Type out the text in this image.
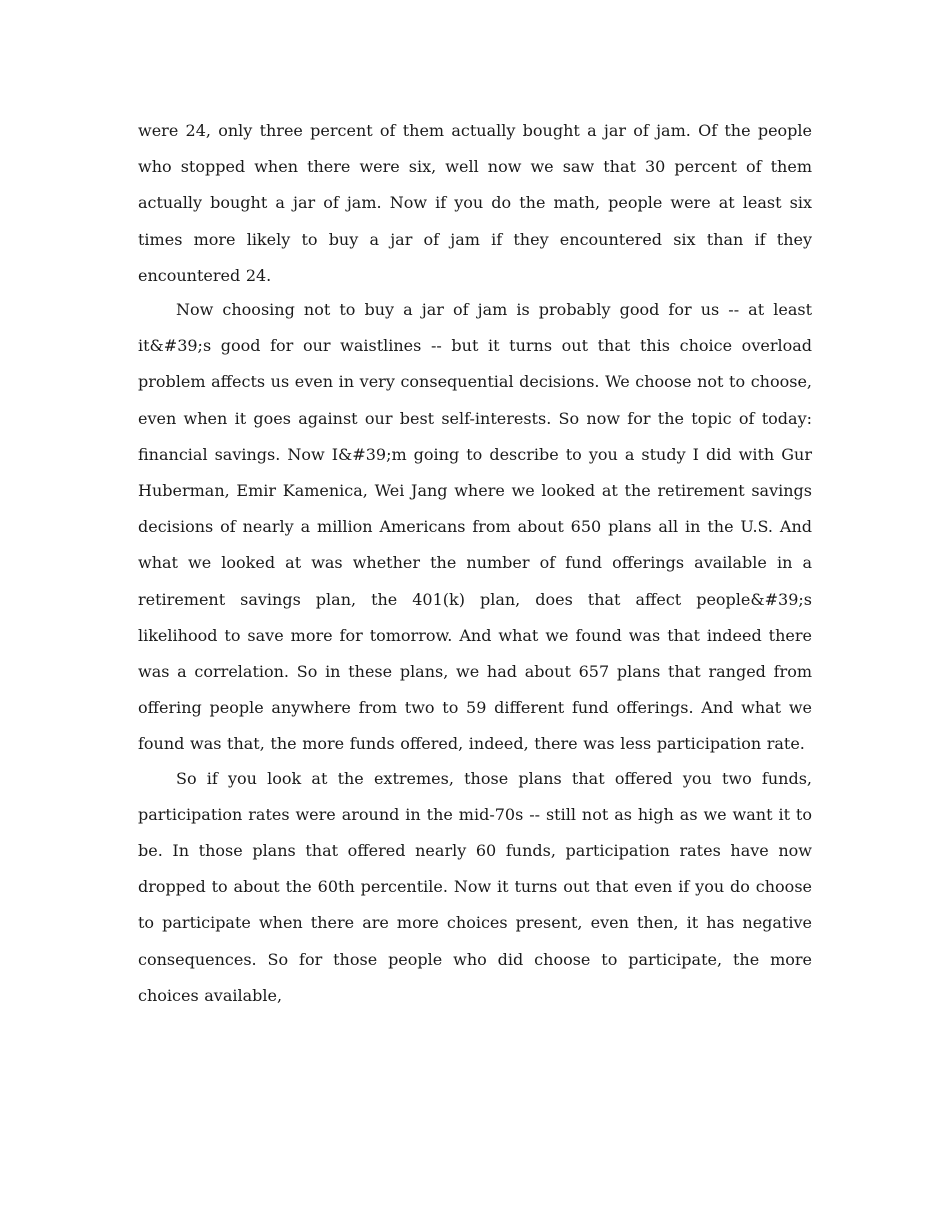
were 24, only three percent of them actually bought a jar of jam. Of the people who stopped when there were six, well now we saw that 30 percent of them actually bought a jar of jam. Now if you do the math, people were at least six times more likely to buy a jar of jam if they encountered six than if they encountered 24.

Now choosing not to buy a jar of jam is probably good for us -- at least it&#39;s good for our waistlines -- but it turns out that this choice overload problem affects us even in very consequential decisions. We choose not to choose, even when it goes against our best self-interests. So now for the topic of today: financial savings. Now I&#39;m going to describe to you a study I did with Gur Huberman, Emir Kamenica, Wei Jang where we looked at the retirement savings decisions of nearly a million Americans from about 650 plans all in the U.S. And what we looked at was whether the number of fund offerings available in a retirement savings plan, the 401(k) plan, does that affect people&#39;s likelihood to save more for tomorrow. And what we found was that indeed there was a correlation. So in these plans, we had about 657 plans that ranged from offering people anywhere from two to 59 different fund offerings. And what we found was that, the more funds offered, indeed, there was less participation rate.

So if you look at the extremes, those plans that offered you two funds, participation rates were around in the mid-70s -- still not as high as we want it to be. In those plans that offered nearly 60 funds, participation rates have now dropped to about the 60th percentile. Now it turns out that even if you do choose to participate when there are more choices present, even then, it has negative consequences. So for those people who did choose to participate, the more choices available,
